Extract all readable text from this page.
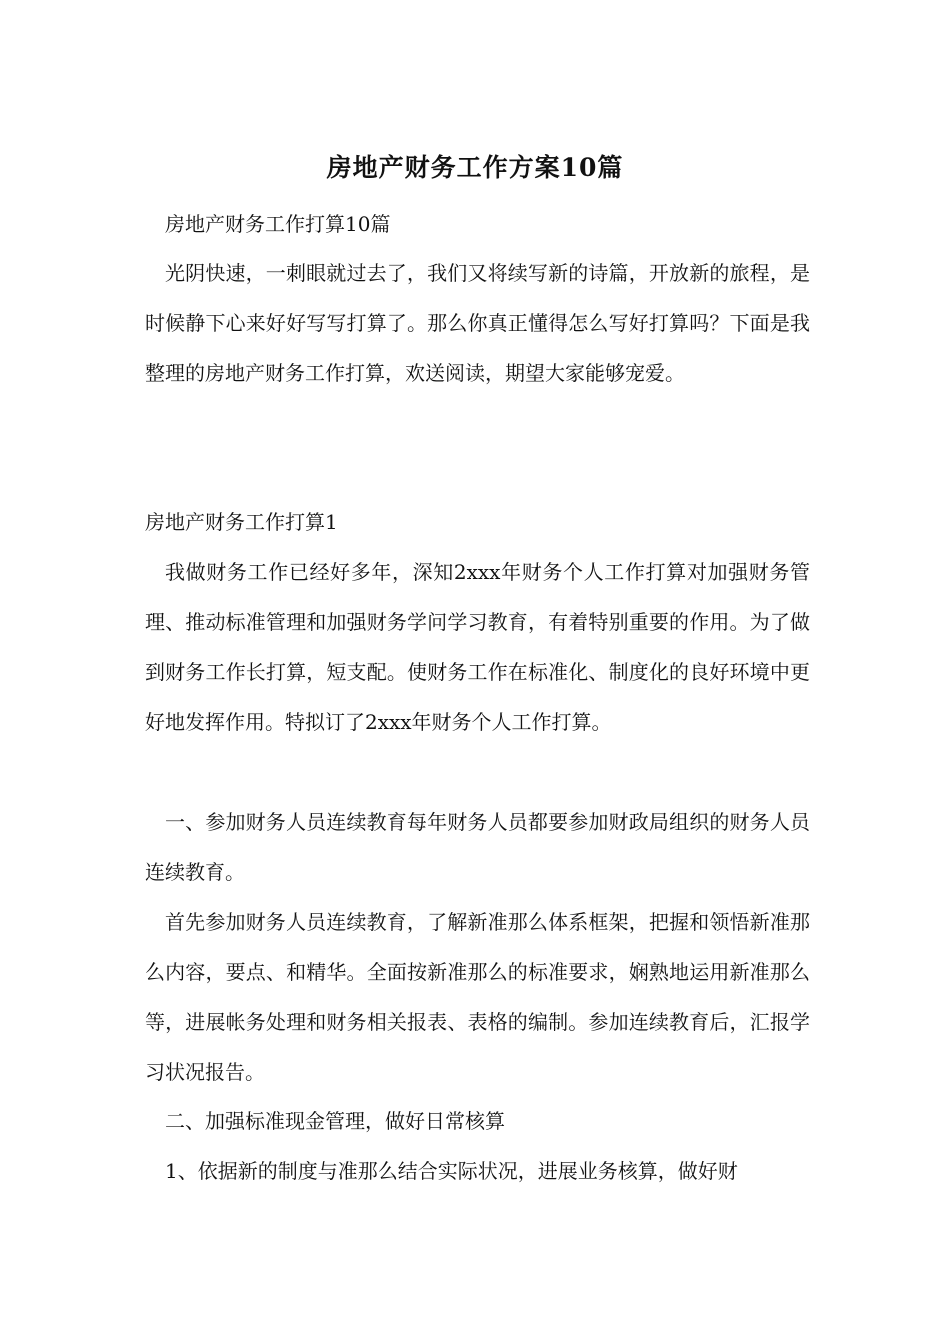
房地产财务工作方案10篇

房地产财务工作打算10篇

光阴快速，一刺眼就过去了，我们又将续写新的诗篇，开放新的旅程，是时候静下心来好好写写打算了。那么你真正懂得怎么写好打算吗？下面是我整理的房地产财务工作打算，欢送阅读，期望大家能够宠爱。

房地产财务工作打算1

我做财务工作已经好多年，深知2xxx年财务个人工作打算对加强财务管理、推动标准管理和加强财务学问学习教育，有着特别重要的作用。为了做到财务工作长打算，短支配。使财务工作在标准化、制度化的良好环境中更好地发挥作用。特拟订了2xxx年财务个人工作打算。

一、参加财务人员连续教育每年财务人员都要参加财政局组织的财务人员连续教育。

首先参加财务人员连续教育，了解新准那么体系框架，把握和领悟新准那么内容，要点、和精华。全面按新准那么的标准要求，娴熟地运用新准那么等，进展帐务处理和财务相关报表、表格的编制。参加连续教育后，汇报学习状况报告。

二、加强标准现金管理，做好日常核算

1、依据新的制度与准那么结合实际状况，进展业务核算，做好财
